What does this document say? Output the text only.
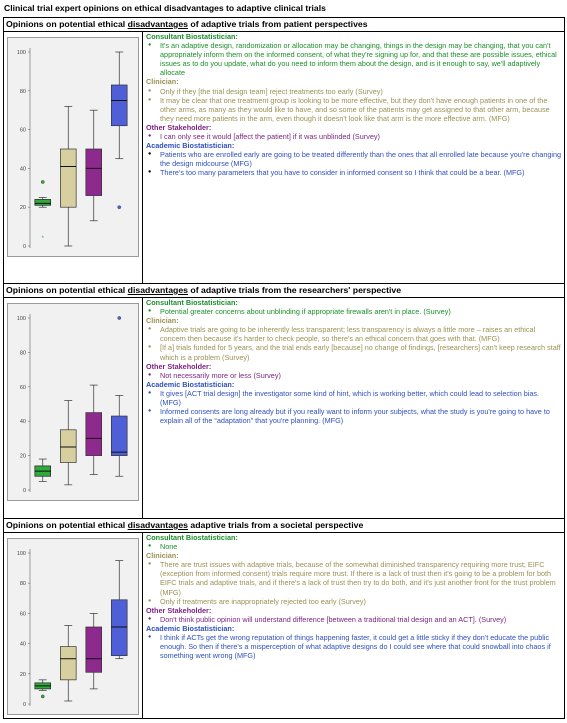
Clinical trial expert opinions on ethical disadvantages to adaptive clinical trials
Opinions on potential ethical disadvantages of adaptive trials from patient perspectives
0
20
40
60
80
100
*
Consultant Biostatistician:
● It's an adaptive design, randomization or allocation may be changing, things in the design may be changing, that you can't appropriately inform them on the informed consent, of what they're signing up for, and that these are possible issues, ethical issues as to do you update, what do you need to inform them about the design, and is it enough to say, we'll adaptively allocate
Clinician:
● Only if they [the trial design team] reject treatments too early (Survey)
● It may be clear that one treatment group is looking to be more effective, but they don't have enough patients in one of the other arms, as many as they would like to have, and so some of the patients may get assigned to that other arm, because they need more patients in the arm, even though it doesn't look like that arm is the more effective arm. (MFG)
Other Stakeholder:
● I can only see it would [affect the patient] if it was unblinded (Survey)
Academic Biostatistician:
● Patients who are enrolled early are going to be treated differently than the ones that all enrolled late because you're changing the design midcourse (MFG)
● There's too many parameters that you have to consider in informed consent so I think that could be a bear. (MFG)
Opinions on potential ethical disadvantages of adaptive trials from the researchers' perspective
0
20
40
60
80
100
Consultant Biostatistician:
● Potential greater concerns about unblinding if appropriate firewalls aren't in place. (Survey)
Clinician:
● Adaptive trials are going to be inherently less transparent; less transparency is always a little more – raises an ethical concern then because it's harder to check people, so there's an ethical concern that goes with that. (MFG)
● [If a] trials funded for 5 years, and the trial ends early [because] no change of findings, [researchers] can't keep research staff which is a problem (Survey)
Other Stakeholder:
● Not necessarily more or less (Survey)
Academic Biostatistician:
● It gives [ACT trial design] the investigator some kind of hint, which is working better, which could lead to selection bias. (MFG)
● Informed consents are long already but if you really want to inform your subjects, what the study is you're going to have to explain all of the “adaptation” that you're planning. (MFG)
Opinions on potential ethical disadvantages adaptive trials from a societal perspective
0
20
40
60
80
100
Consultant Biostatistician:
● None
Clinician:
● There are trust issues with adaptive trials, because of the somewhat diminished transparency requiring more trust; EIFC (exception from informed consent) trials require more trust. If there is a lack of trust then it's going to be a problem for both EIFC trials and adaptive trials, and if there's a lack of trust then try to do both, and it's just another front for the trust problem (MFG)
● Only if treatments are inappropriately rejected too early (Survey)
Other Stakeholder:
● Don't think public opinion will understand difference [between a traditional trial design and an ACT]. (Survey)
Academic Biostatistician:
● I think if ACTs get the wrong reputation of things happening faster, it could get a little sticky if they don't educate the public enough. So then if there's a misperception of what adaptive designs do I could see where that could snowball into chaos if something went wrong (MFG)
